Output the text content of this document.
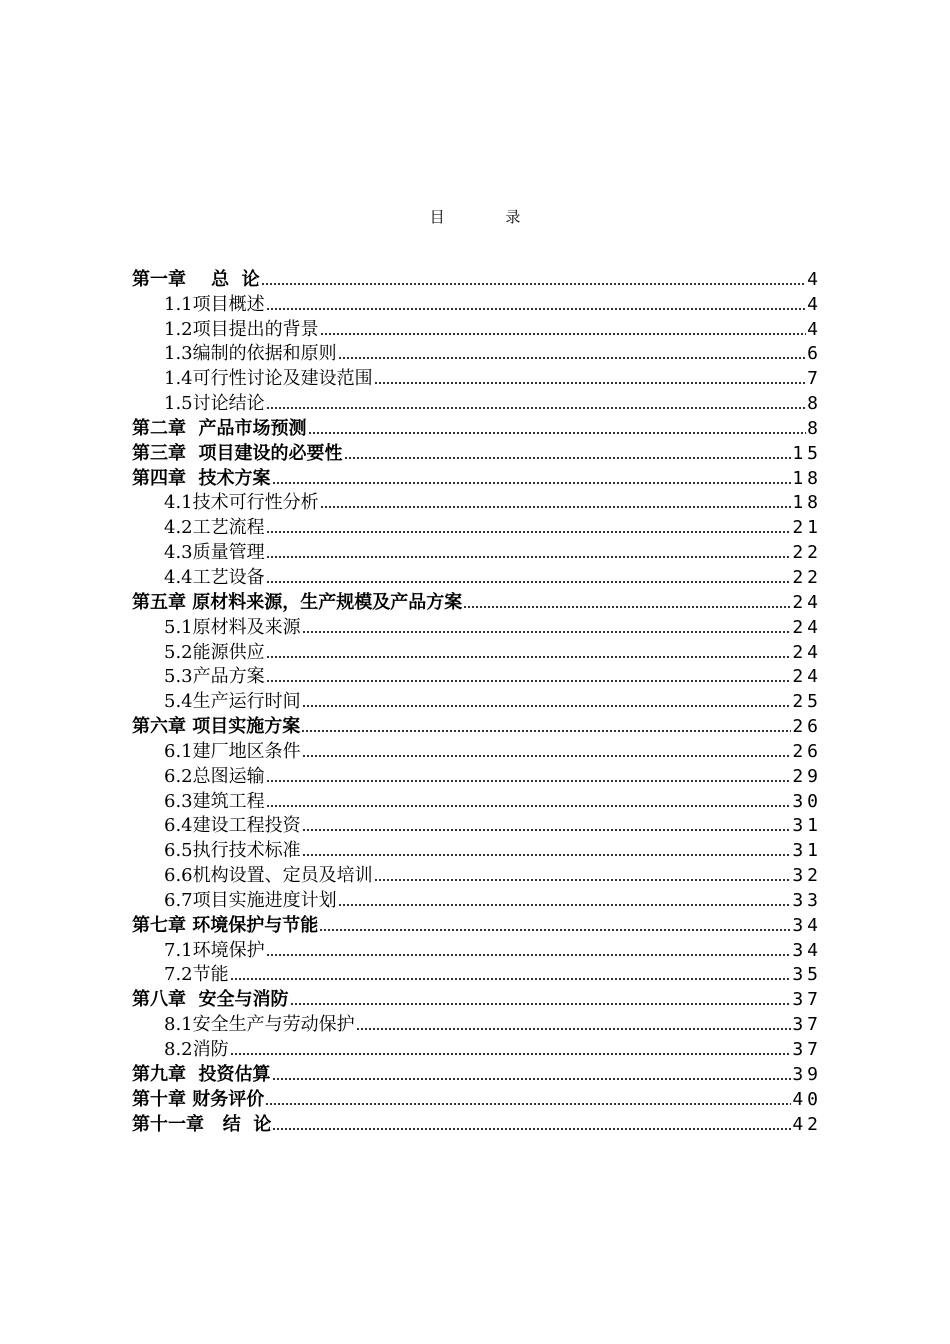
目 录
第一章    总  论	4
1.1项目概述	4
1.2项目提出的背景	4
1.3编制的依据和原则	6
1.4可行性讨论及建设范围	7
1.5讨论结论	8
第二章  产品市场预测	8
第三章  项目建设的必要性	15
第四章  技术方案	18
4.1技术可行性分析	18
4.2工艺流程	21
4.3质量管理	22
4.4工艺设备	22
第五章 原材料来源，生产规模及产品方案	24
5.1原材料及来源	24
5.2能源供应	24
5.3产品方案	24
5.4生产运行时间	25
第六章 项目实施方案	26
6.1建厂地区条件	26
6.2总图运输	29
6.3建筑工程	30
6.4建设工程投资	31
6.5执行技术标准	31
6.6机构设置、定员及培训	32
6.7项目实施进度计划	33
第七章 环境保护与节能	34
7.1环境保护	34
7.2节能	35
第八章  安全与消防	37
8.1安全生产与劳动保护	37
8.2消防	37
第九章  投资估算	39
第十章 财务评价	40
第十一章   结  论	42
